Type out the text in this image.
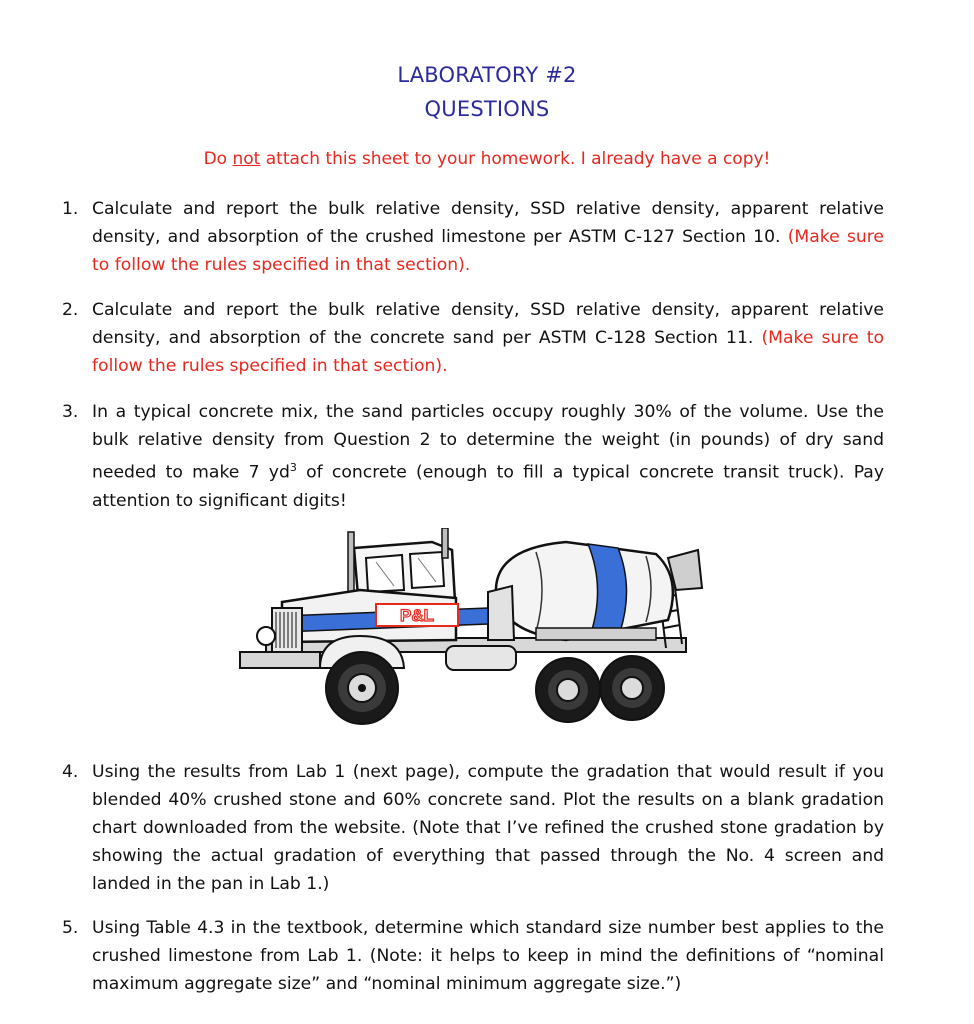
LABORATORY #2
QUESTIONS
Do not attach this sheet to your homework. I already have a copy!
1. Calculate and report the bulk relative density, SSD relative density, apparent relative density, and absorption of the crushed limestone per ASTM C-127 Section 10. (Make sure to follow the rules specified in that section).
2. Calculate and report the bulk relative density, SSD relative density, apparent relative density, and absorption of the concrete sand per ASTM C-128 Section 11. (Make sure to follow the rules specified in that section).
3. In a typical concrete mix, the sand particles occupy roughly 30% of the volume. Use the bulk relative density from Question 2 to determine the weight (in pounds) of dry sand needed to make 7 $yd^3$ of concrete (enough to fill a typical concrete transit truck). Pay attention to significant digits!
4. Using the results from Lab 1 (next page), compute the gradation that would result if you blended 40% crushed stone and 60% concrete sand. Plot the results on a blank gradation chart downloaded from the website. (Note that I’ve refined the crushed stone gradation by showing the actual gradation of everything that passed through the No. 4 screen and landed in the pan in Lab 1.)
5. Using Table 4.3 in the textbook, determine which standard size number best applies to the crushed limestone from Lab 1. (Note: it helps to keep in mind the definitions of “nominal maximum aggregate size” and “nominal minimum aggregate size.”)
P&L
